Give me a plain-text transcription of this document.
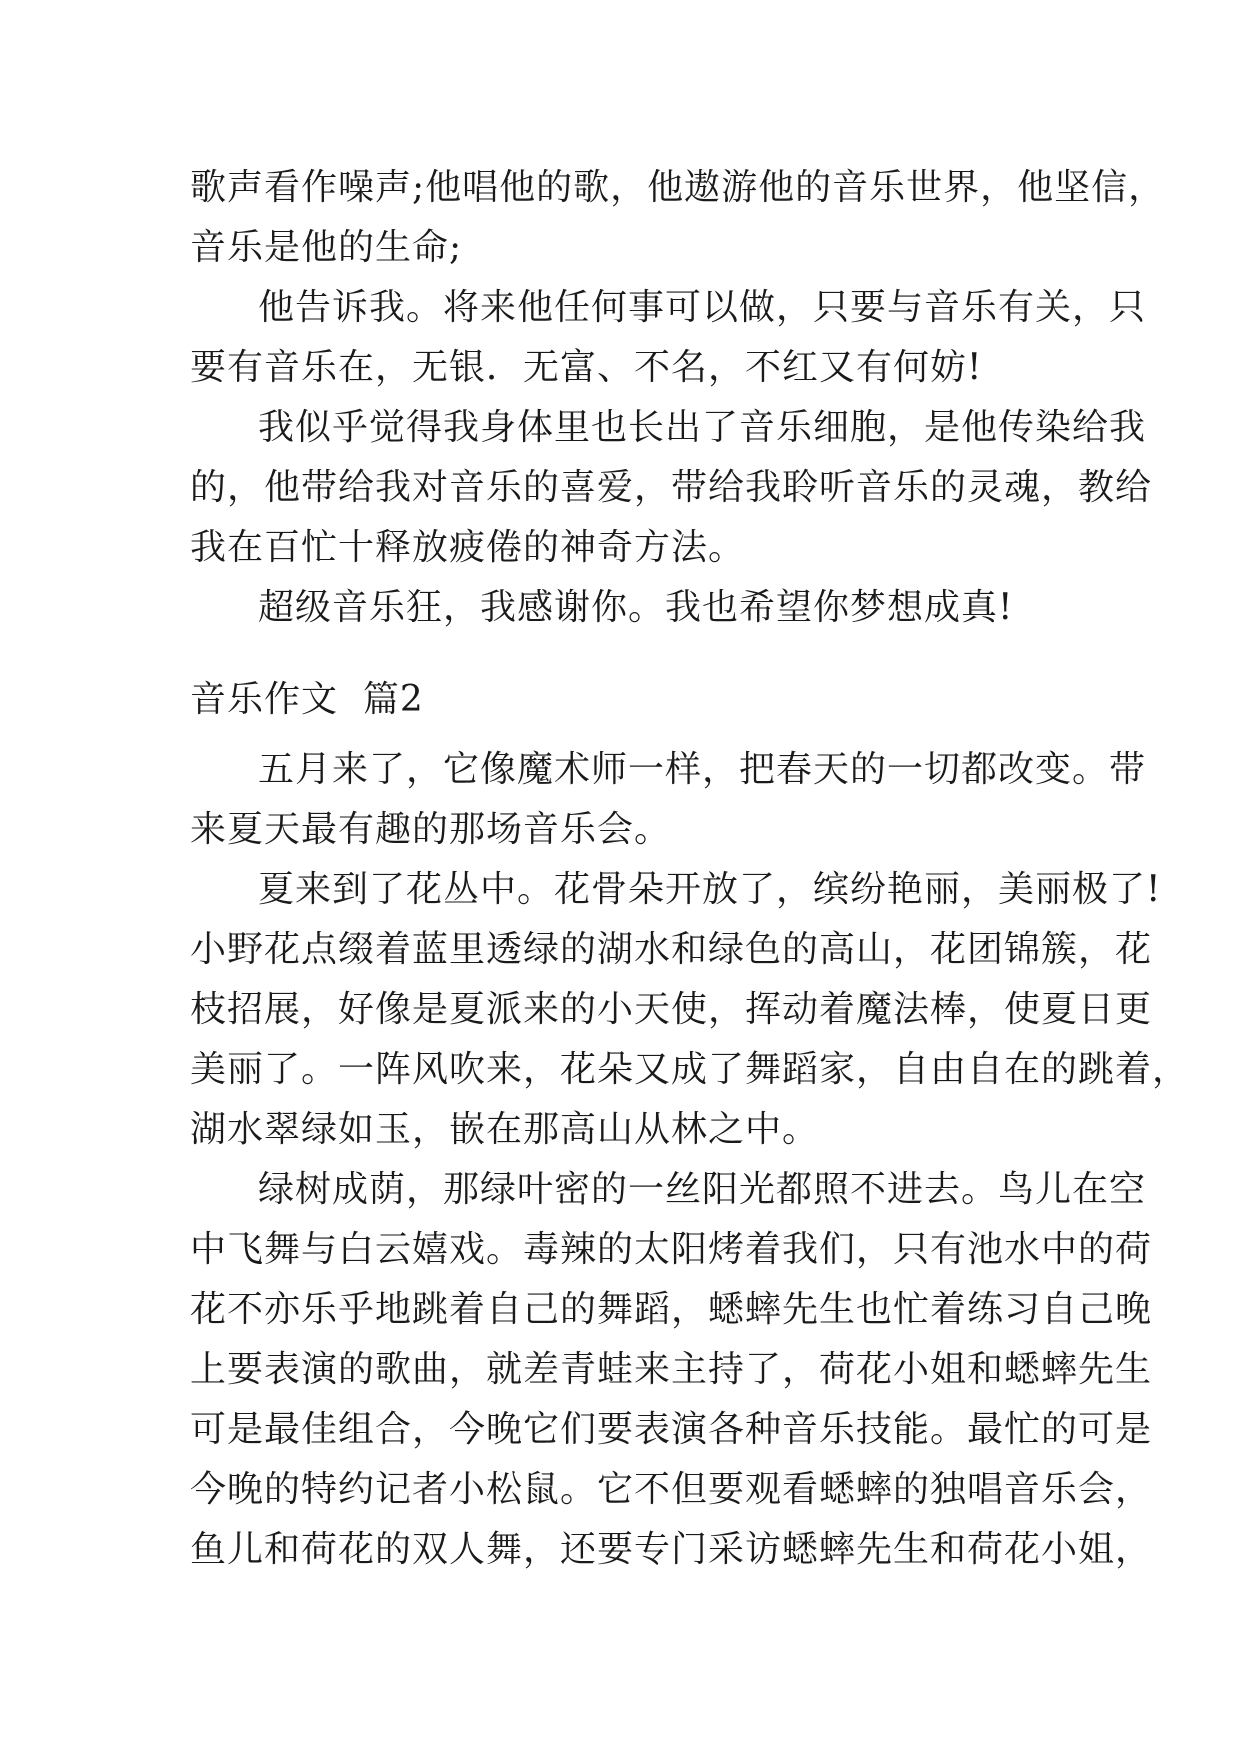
歌声看作噪声;他唱他的歌，他遨游他的音乐世界，他坚信，
音乐是他的生命;
他告诉我。将来他任何事可以做，只要与音乐有关，只
要有音乐在，无银．无富、不名，不红又有何妨!
我似乎觉得我身体里也长出了音乐细胞，是他传染给我
的，他带给我对音乐的喜爱，带给我聆听音乐的灵魂，教给
我在百忙十释放疲倦的神奇方法。
超级音乐狂，我感谢你。我也希望你梦想成真!
音乐作文  篇2
五月来了，它像魔术师一样，把春天的一切都改变。带
来夏天最有趣的那场音乐会。
夏来到了花丛中。花骨朵开放了，缤纷艳丽，美丽极了!
小野花点缀着蓝里透绿的湖水和绿色的高山，花团锦簇，花
枝招展，好像是夏派来的小天使，挥动着魔法棒，使夏日更
美丽了。一阵风吹来，花朵又成了舞蹈家，自由自在的跳着，
湖水翠绿如玉，嵌在那高山从林之中。
绿树成荫，那绿叶密的一丝阳光都照不进去。鸟儿在空
中飞舞与白云嬉戏。毒辣的太阳烤着我们，只有池水中的荷
花不亦乐乎地跳着自己的舞蹈，蟋蟀先生也忙着练习自己晚
上要表演的歌曲，就差青蛙来主持了，荷花小姐和蟋蟀先生
可是最佳组合，今晚它们要表演各种音乐技能。最忙的可是
今晚的特约记者小松鼠。它不但要观看蟋蟀的独唱音乐会，
鱼儿和荷花的双人舞，还要专门采访蟋蟀先生和荷花小姐，
